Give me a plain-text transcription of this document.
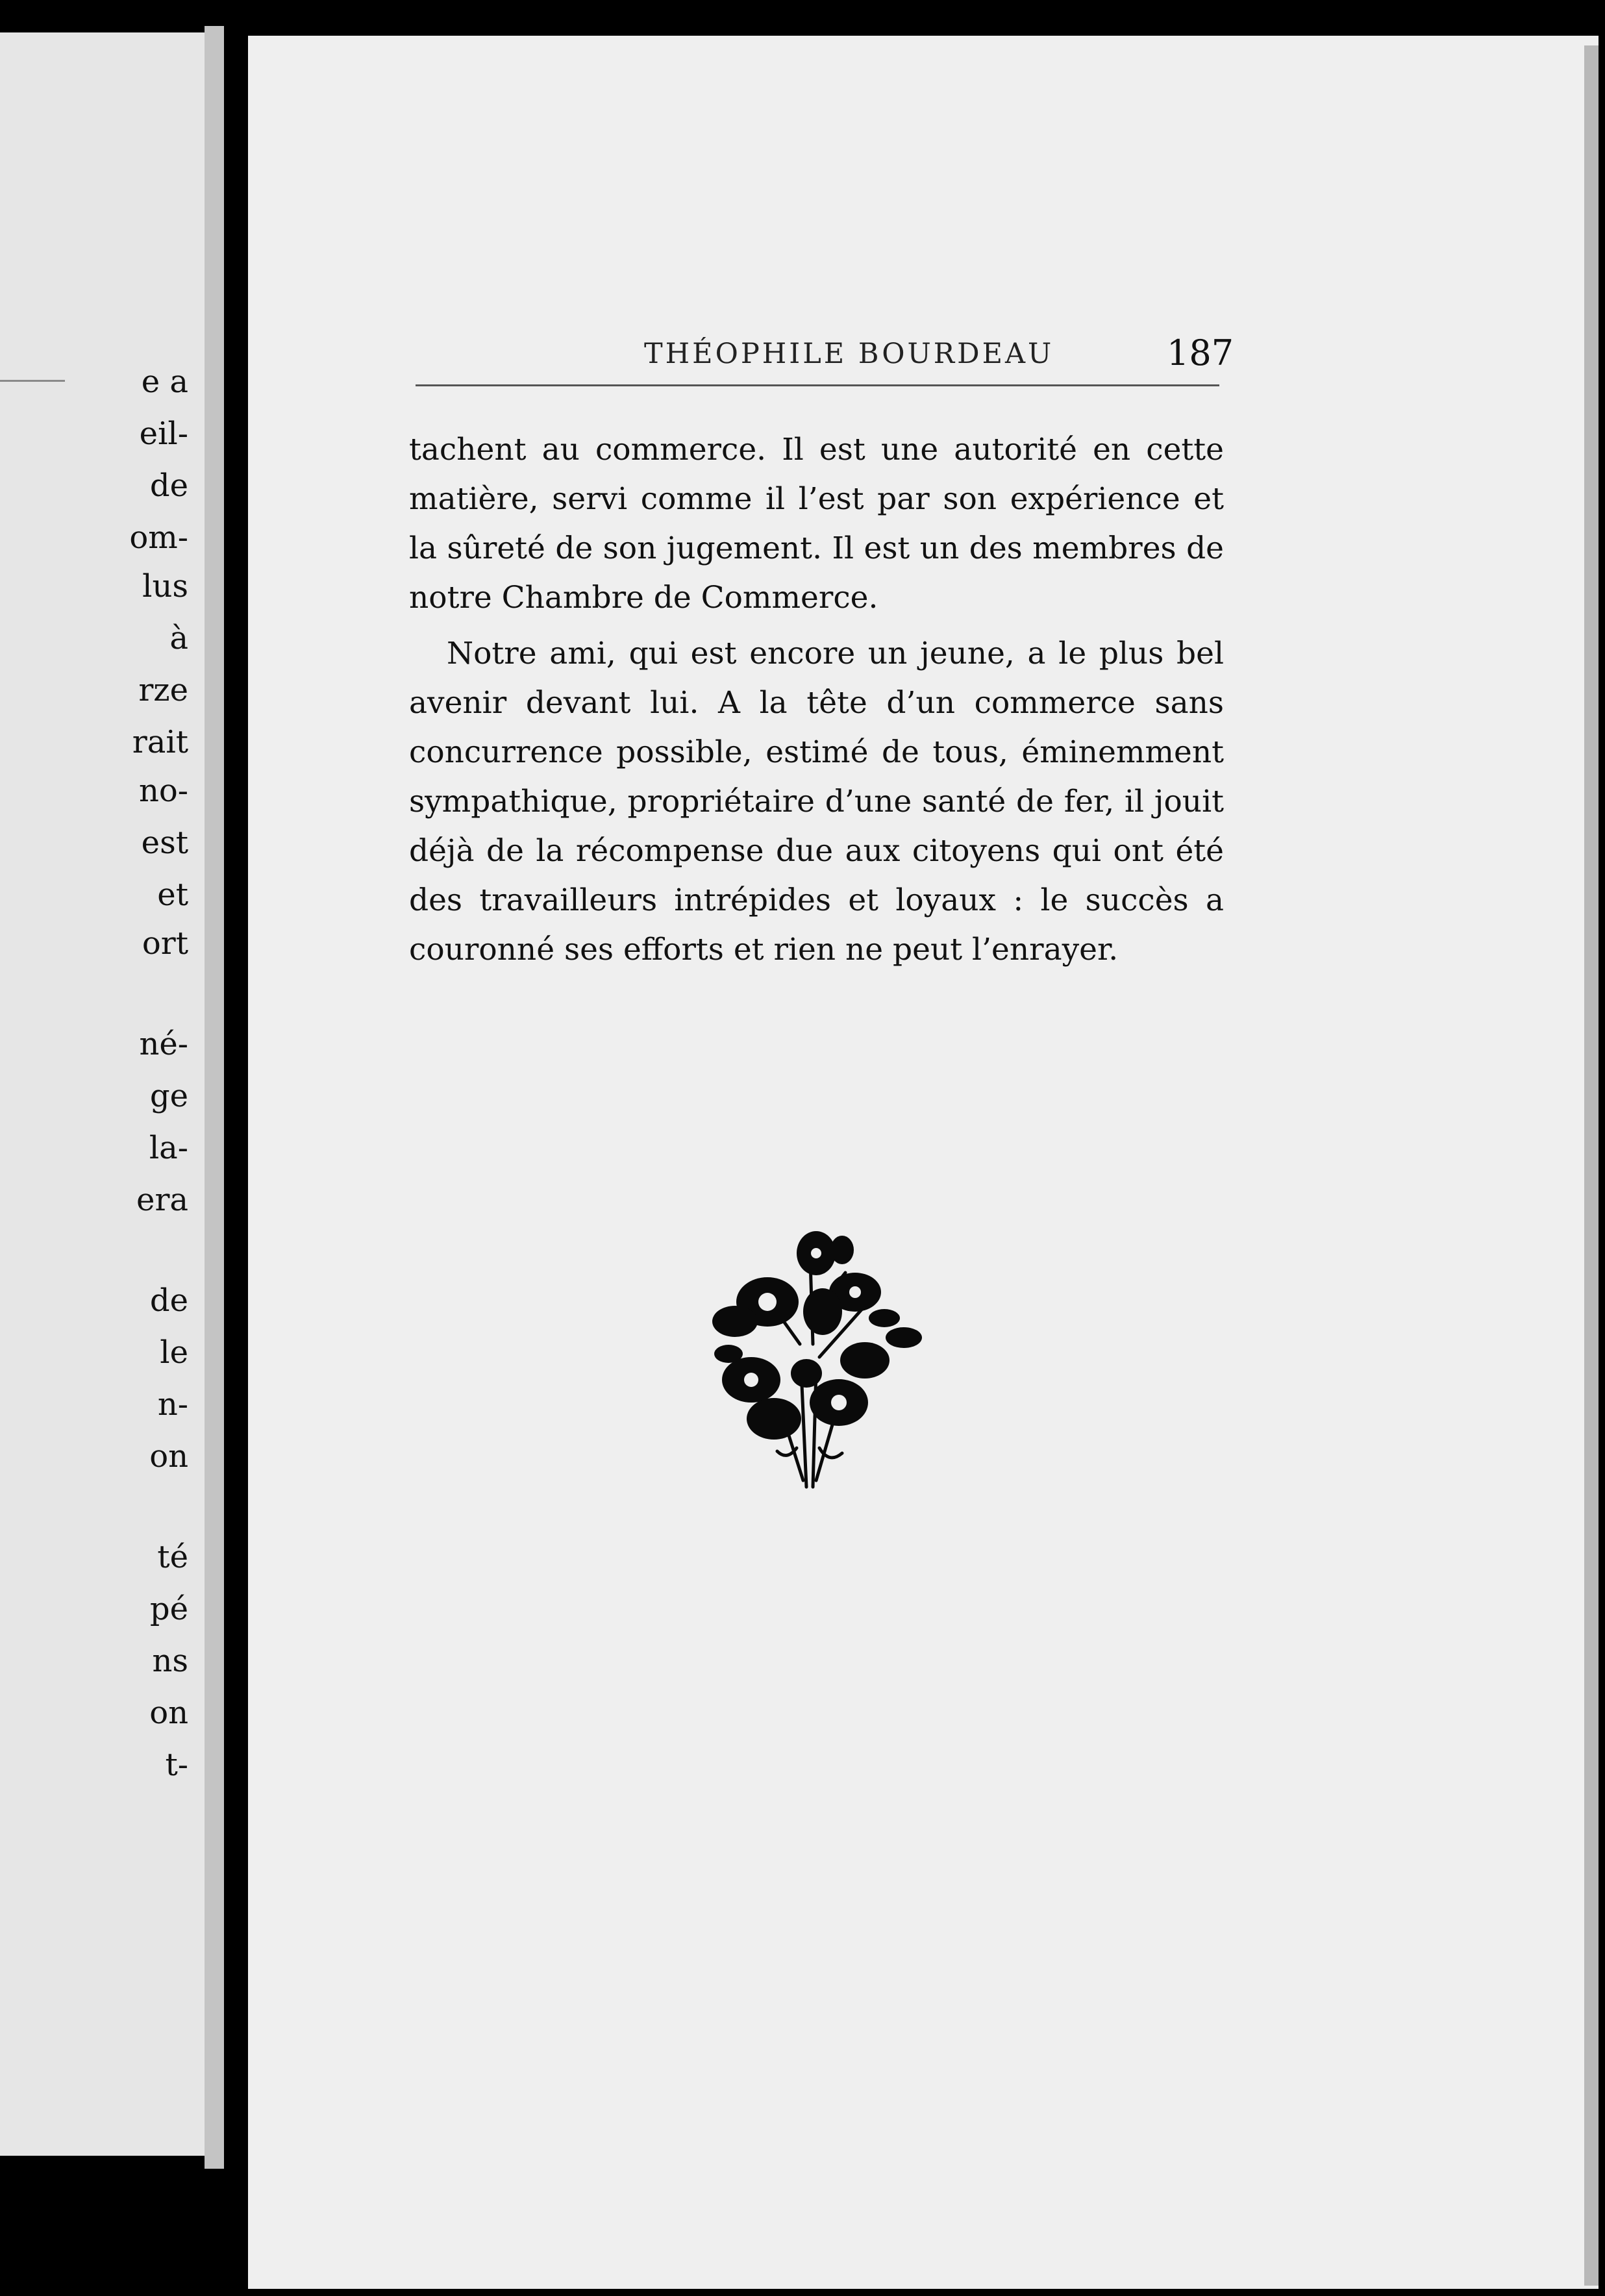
e a
eil-
de
om-
lus
à
rze
rait
no-
est
et
ort
né-
ge
la-
era
de
le
n-
on
té
pé
ns
on
t-
THÉOPHILE BOURDEAU	187

tachent au commerce. Il est une autorité en cette matière, servi comme il l’est par son expérience et la sûreté de son jugement. Il est un des membres de notre Chambre de Commerce.

Notre ami, qui est encore un jeune, a le plus bel avenir devant lui. A la tête d’un commerce sans concurrence possible, estimé de tous, éminemment sympathique, propriétaire d’une santé de fer, il jouit déjà de la récompense due aux citoyens qui ont été des travailleurs intrépides et loyaux : le succès a couronné ses efforts et rien ne peut l’enrayer.
